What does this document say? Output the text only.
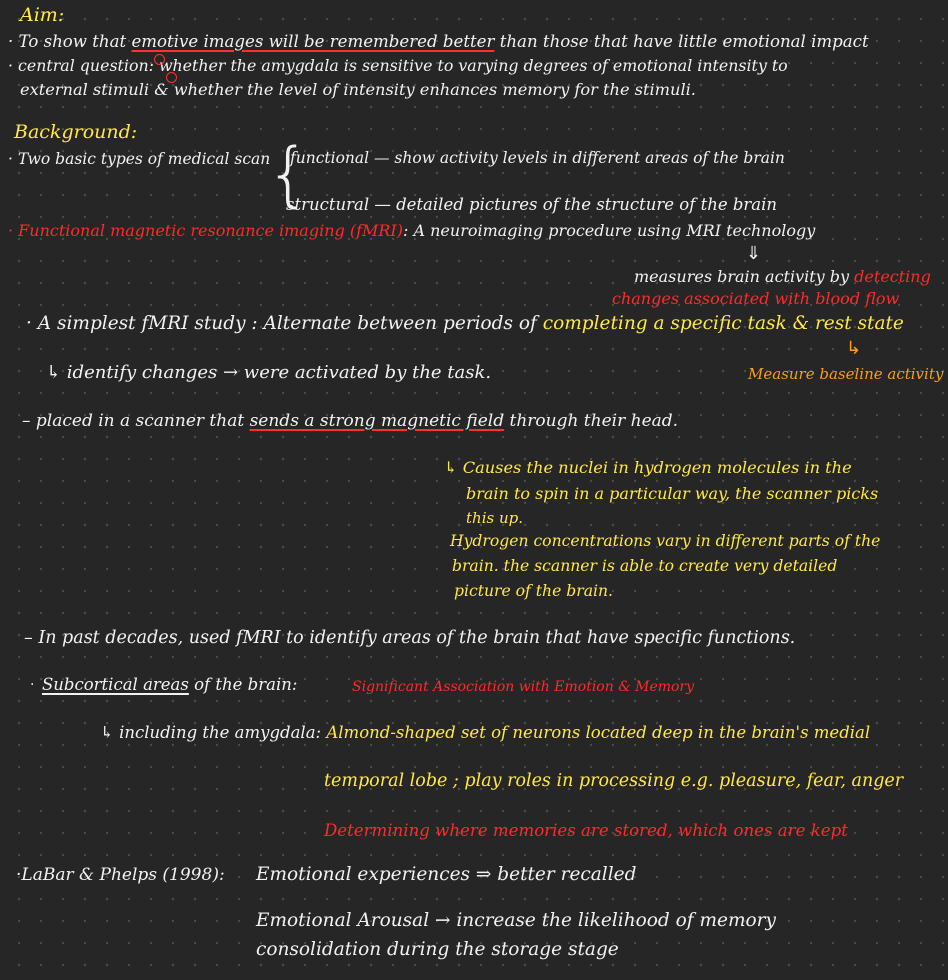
Aim:
· To show that emotive images will be remembered better than those that have little emotional impact
· central question: whether the amygdala is sensitive to varying degrees of emotional intensity to
external stimuli & whether the level of intensity enhances memory for the stimuli.
Background:
· Two basic types of medical scan
{
functional — show activity levels in different areas of the brain
structural — detailed pictures of the structure of the brain
· Functional magnetic resonance imaging (fMRI): A neuroimaging procedure using MRI technology
⇓
measures brain activity by detecting
changes associated with blood flow
· A simplest fMRI study : Alternate between periods of completing a specific task & rest state
↳
↳ identify changes → were activated by the task.	Measure baseline activity
– placed in a scanner that sends a strong magnetic field through their head.
↳ Causes the nuclei in hydrogen molecules in the
brain to spin in a particular way, the scanner picks
this up.
Hydrogen concentrations vary in different parts of the
brain. the scanner is able to create very detailed
picture of the brain.
– In past decades, used fMRI to identify areas of the brain that have specific functions.
· Subcortical areas of the brain:	Significant Association with Emotion & Memory
↳ including the amygdala: Almond-shaped set of neurons located deep in the brain's medial
temporal lobe ; play roles in processing e.g. pleasure, fear, anger
Determining where memories are stored, which ones are kept
·LaBar & Phelps (1998): Emotional experiences ⇒ better recalled
Emotional Arousal → increase the likelihood of memory
consolidation during the storage stage
